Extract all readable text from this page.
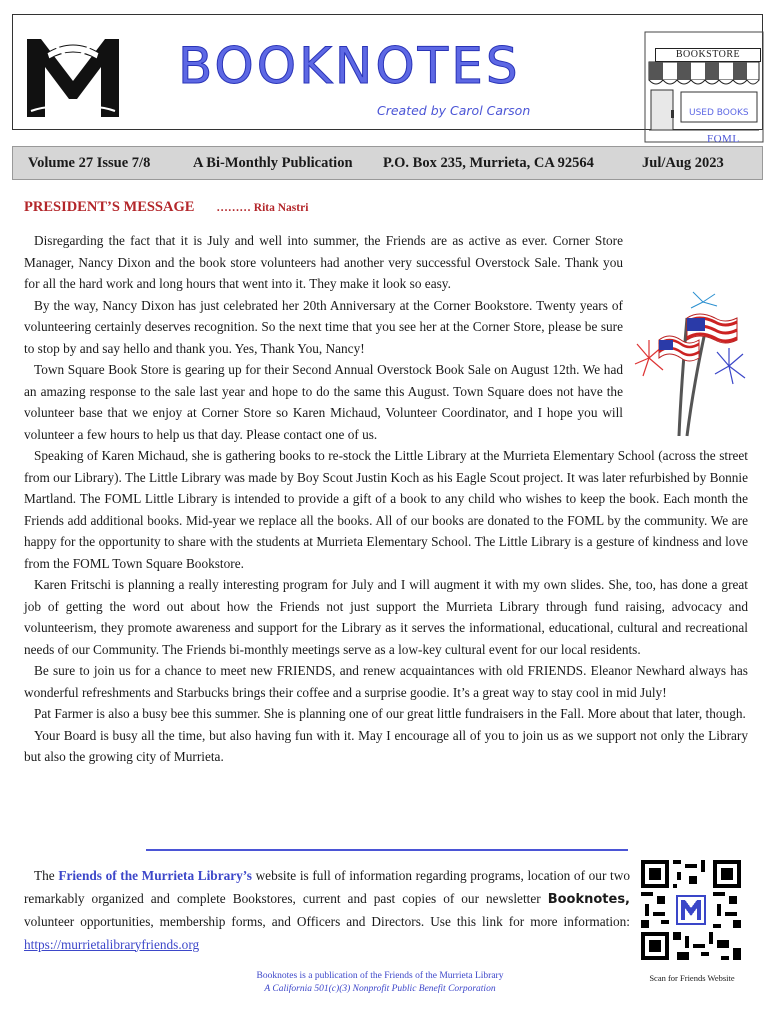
BOOKNOTES
Created by Carol Carson
BOOKSTORE
USED BOOKS
FOML
Volume 27 Issue 7/8	A Bi-Monthly Publication P.O. Box 235, Murrieta, CA 92564	Jul/Aug 2023
PRESIDENT’S MESSAGE ……… Rita Nastri

Disregarding the fact that it is July and well into summer, the Friends are as active as ever. Corner Store Manager, Nancy Dixon and the book store volunteers had another very successful Overstock Sale. Thank you for all the hard work and long hours that went into it. They make it look so easy.

By the way, Nancy Dixon has just celebrated her 20th Anniversary at the Corner Bookstore. Twenty years of volunteering certainly deserves recognition. So the next time that you see her at the Corner Store, please be sure to stop by and say hello and thank you. Yes, Thank You, Nancy!

Town Square Book Store is gearing up for their Second Annual Overstock Book Sale on August 12th. We had an amazing response to the sale last year and hope to do the same this August. Town Square does not have the volunteer base that we enjoy at Corner Store so Karen Michaud, Volunteer Coordinator, and I hope you will volunteer a few hours to help us that day. Please contact one of us.

Speaking of Karen Michaud, she is gathering books to re-stock the Little Library at the Murrieta Elementary School (across the street from our Library). The Little Library was made by Boy Scout Justin Koch as his Eagle Scout project. It was later refurbished by Bonnie Martland. The FOML Little Library is intended to provide a gift of a book to any child who wishes to keep the book. Each month the Friends add additional books. Mid-year we replace all the books. All of our books are donated to the FOML by the community. We are happy for the opportunity to share with the students at Murrieta Elementary School. The Little Library is a gesture of kindness and love from the FOML Town Square Bookstore.

Karen Fritschi is planning a really interesting program for July and I will augment it with my own slides. She, too, has done a great job of getting the word out about how the Friends not just support the Murrieta Library through fund raising, advocacy and volunteerism, they promote awareness and support for the Library as it serves the informational, educational, cultural and recreational needs of our Community. The Friends bi-monthly meetings serve as a low-key cultural event for our local residents.

Be sure to join us for a chance to meet new FRIENDS, and renew acquaintances with old FRIENDS. Eleanor Newhard always has wonderful refreshments and Starbucks brings their coffee and a surprise goodie. It’s a great way to stay cool in mid July!

Pat Farmer is also a busy bee this summer. She is planning one of our great little fundraisers in the Fall. More about that later, though.

Your Board is busy all the time, but also having fun with it. May I encourage all of you to join us as we support not only the Library but also the growing city of Murrieta.

The Friends of the Murrieta Library’s website is full of information regarding programs, location of our two remarkably organized and complete Bookstores, current and past copies of our newsletter Booknotes, volunteer opportunities, membership forms, and Officers and Directors. Use this link for more information: https://murrietalibraryfriends.org

Scan for Friends Website
Booknotes is a publication of the Friends of the Murrieta Library
A California 501(c)(3) Nonprofit Public Benefit Corporation
